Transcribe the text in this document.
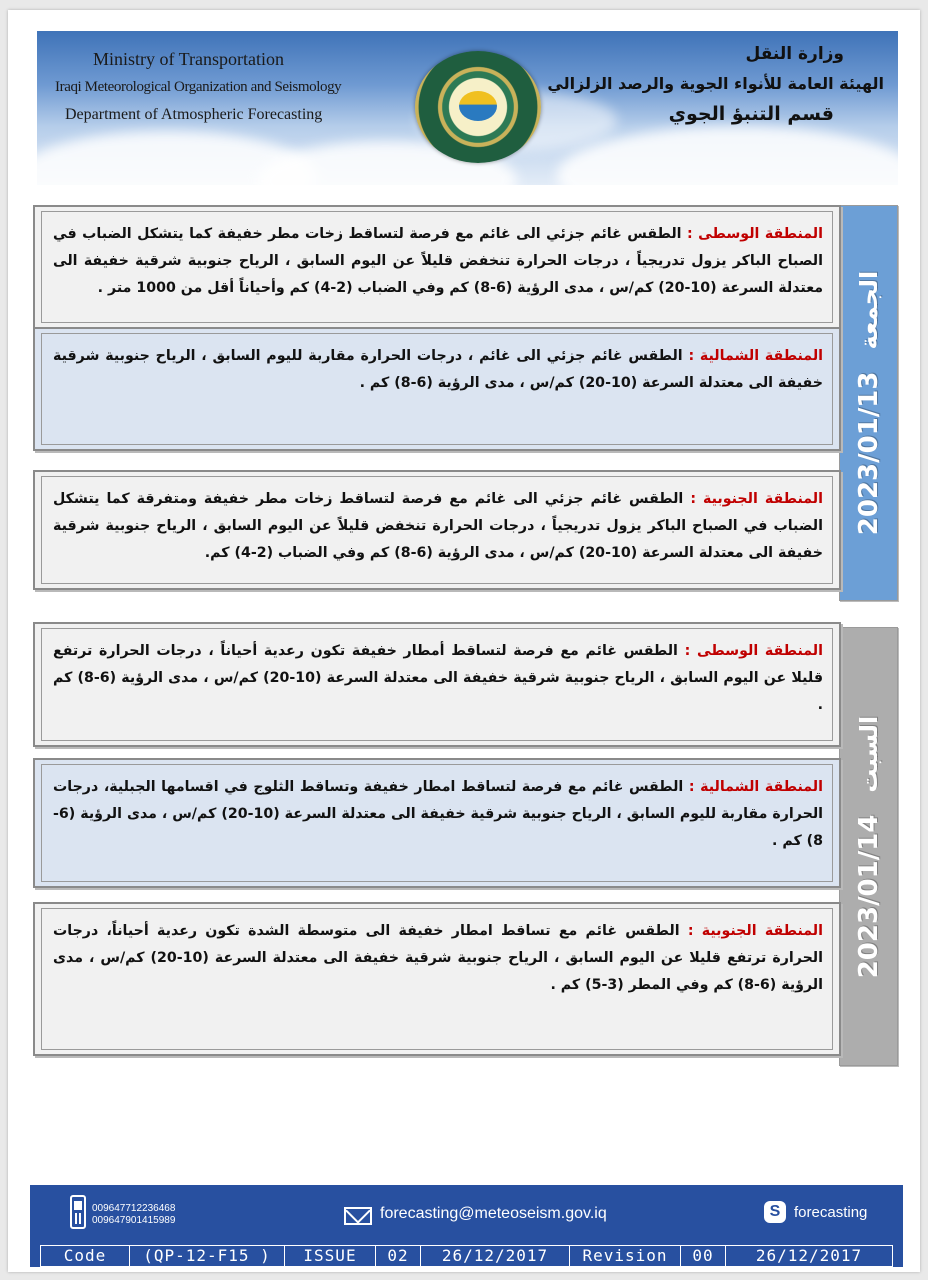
Ministry of Transportation
Iraqi Meteorological Organization and Seismology
Department of Atmospheric Forecasting
وزارة النقل
الهيئة العامة للأنواء الجوية والرصد الزلزالي
قسم التنبؤ الجوي
2023/01/13الجمعة

المنطقة الوسطى : الطقس غائم جزئي الى غائم مع فرصة لتساقط زخات مطر خفيفة كما يتشكل الضباب في الصباح الباكر يزول تدريجياً ، درجات الحرارة تنخفض قليلاً عن اليوم السابق ، الرياح جنوبية شرقية خفيفة الى معتدلة السرعة (10-20) كم/س ، مدى الرؤية (6-8) كم وفي الضباب (2-4) كم وأحياناً أقل من 1000 متر .

المنطقة الشمالية : الطقس غائم جزئي الى غائم ، درجات الحرارة مقاربة لليوم السابق ، الرياح جنوبية شرقية خفيفة الى معتدلة السرعة (10-20) كم/س ، مدى الرؤية (6-8) كم .

المنطقة الجنوبية : الطقس غائم جزئي الى غائم مع فرصة لتساقط زخات مطر خفيفة ومتفرقة كما يتشكل الضباب في الصباح الباكر يزول تدريجياً ، درجات الحرارة تنخفض قليلاً عن اليوم السابق ، الرياح جنوبية شرقية خفيفة الى معتدلة السرعة (10-20) كم/س ، مدى الرؤية (6-8) كم وفي الضباب (2-4) كم.

2023/01/14السبت

المنطقة الوسطى : الطقس غائم مع فرصة لتساقط أمطار خفيفة تكون رعدية أحياناً ، درجات الحرارة ترتفع قليلا عن اليوم السابق ، الرياح جنوبية شرقية خفيفة الى معتدلة السرعة (10-20) كم/س ، مدى الرؤية (6-8) كم .

المنطقة الشمالية : الطقس غائم مع فرصة لتساقط امطار خفيفة وتساقط الثلوج في اقسامها الجبلية، درجات الحرارة مقاربة لليوم السابق ، الرياح جنوبية شرقية خفيفة الى معتدلة السرعة (10-20) كم/س ، مدى الرؤية (6-8) كم .

المنطقة الجنوبية : الطقس غائم مع تساقط امطار خفيفة الى متوسطة الشدة تكون رعدية أحياناً، درجات الحرارة ترتفع قليلا عن اليوم السابق ، الرياح جنوبية شرقية خفيفة الى معتدلة السرعة (10-20) كم/س ، مدى الرؤية (6-8) كم وفي المطر (3-5) كم .

009647712236468
009647901415989	forecasting@meteoseism.gov.iq	S forecasting
Code	(QP-12-F15 )	ISSUE	02	26/12/2017	Revision	00	26/12/2017
